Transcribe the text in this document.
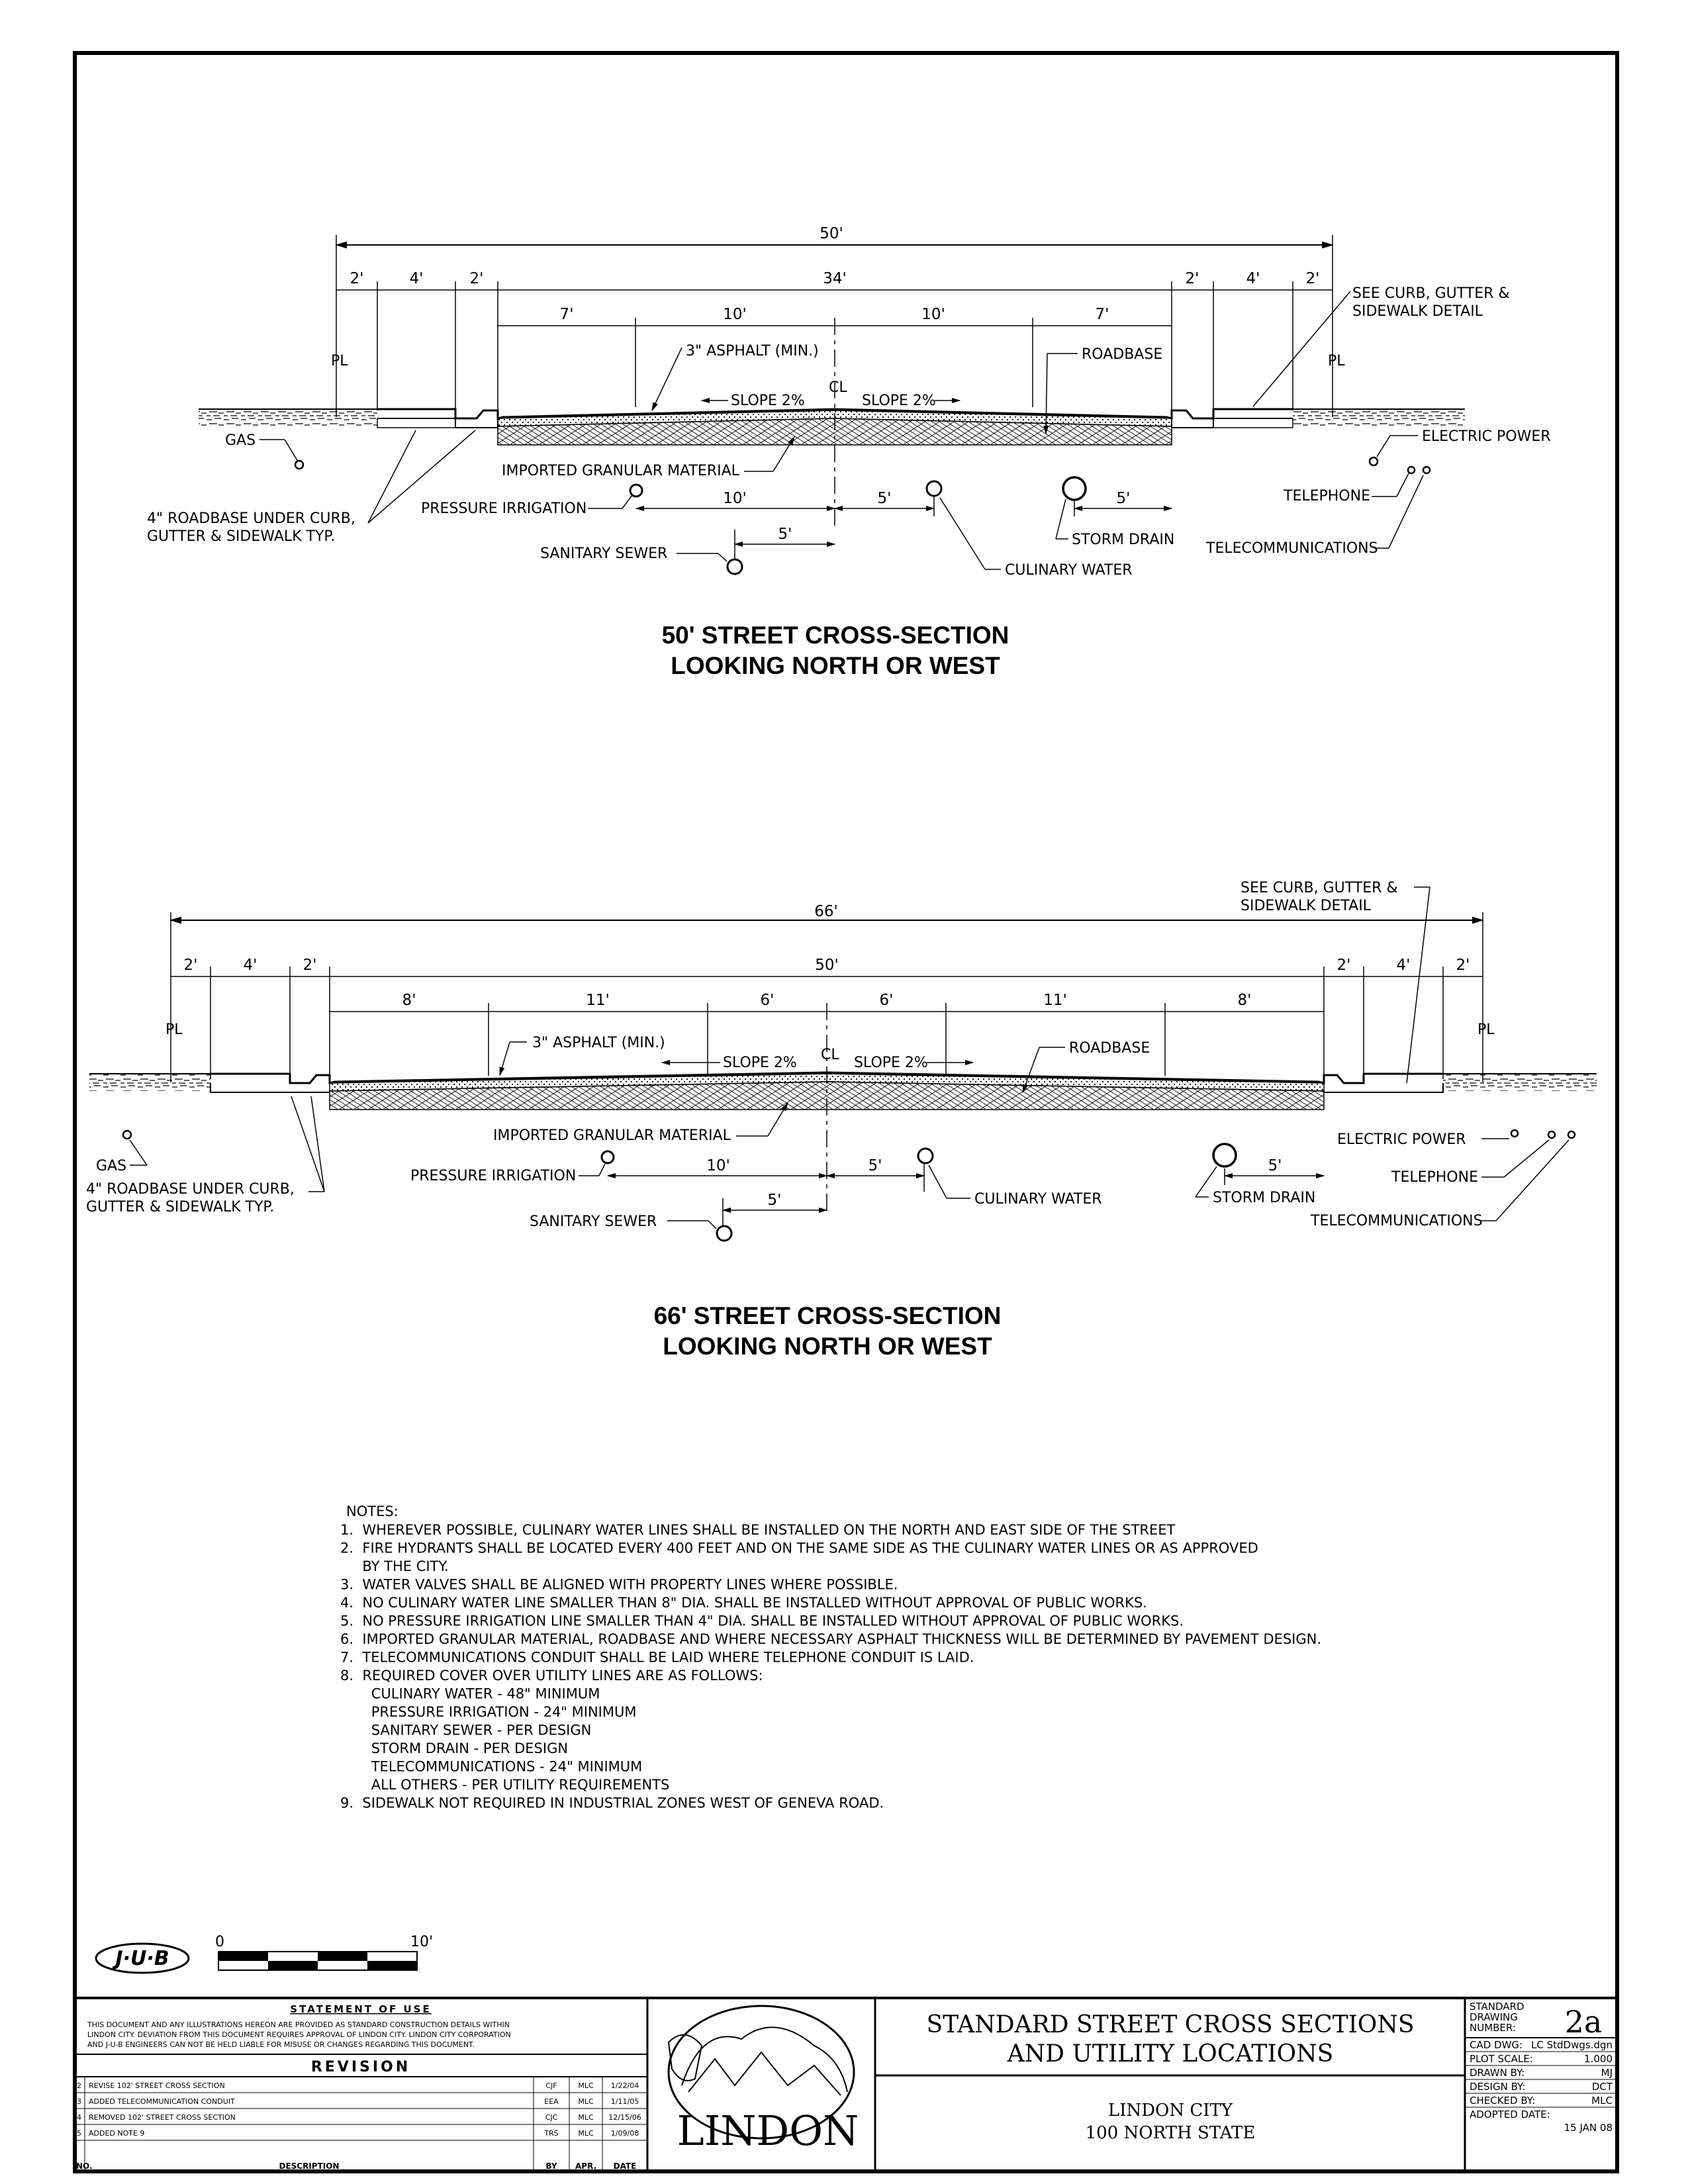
50'
2'	4'	2'	34'	2'	4'	2'
7'	10'	10'	7'
PL	PL
CL
SEE CURB, GUTTER &
SIDEWALK DETAIL
3" ASPHALT (MIN.)	ROADBASE
SLOPE 2%	SLOPE 2%
GAS	ELECTRIC POWER
IMPORTED GRANULAR MATERIAL
4" ROADBASE UNDER CURB,
GUTTER & SIDEWALK TYP.
PRESSURE IRRIGATION
10'	5'	5'	TELEPHONE
5'
SANITARY SEWER
STORM DRAIN
TELECOMMUNICATIONS
CULINARY WATER
50' STREET CROSS-SECTION
LOOKING NORTH OR WEST
66'
SEE CURB, GUTTER &
SIDEWALK DETAIL
2'	4'	2'	50'	2'	4'	2'
8'	11'	6'	6'	11'	8'
PL	PL
CL
3" ASPHALT (MIN.)	ROADBASE
SLOPE 2%	SLOPE 2%
IMPORTED GRANULAR MATERIAL
GAS
4" ROADBASE UNDER CURB,
GUTTER & SIDEWALK TYP.
PRESSURE IRRIGATION
10'	5'
CULINARY WATER
5'
STORM DRAIN
ELECTRIC POWER
TELEPHONE
TELECOMMUNICATIONS
5'
SANITARY SEWER
66' STREET CROSS-SECTION
LOOKING NORTH OR WEST
NOTES:
1.  WHEREVER POSSIBLE, CULINARY WATER LINES SHALL BE INSTALLED ON THE NORTH AND EAST SIDE OF THE STREET
2.  FIRE HYDRANTS SHALL BE LOCATED EVERY 400 FEET AND ON THE SAME SIDE AS THE CULINARY WATER LINES OR AS APPROVED
BY THE CITY.
3.  WATER VALVES SHALL BE ALIGNED WITH PROPERTY LINES WHERE POSSIBLE.
4.  NO CULINARY WATER LINE SMALLER THAN 8" DIA. SHALL BE INSTALLED WITHOUT APPROVAL OF PUBLIC WORKS.
5.  NO PRESSURE IRRIGATION LINE SMALLER THAN 4" DIA. SHALL BE INSTALLED WITHOUT APPROVAL OF PUBLIC WORKS.
6.  IMPORTED GRANULAR MATERIAL, ROADBASE AND WHERE NECESSARY ASPHALT THICKNESS WILL BE DETERMINED BY PAVEMENT DESIGN.
7.  TELECOMMUNICATIONS CONDUIT SHALL BE LAID WHERE TELEPHONE CONDUIT IS LAID.
8.  REQUIRED COVER OVER UTILITY LINES ARE AS FOLLOWS:
CULINARY WATER - 48" MINIMUM
PRESSURE IRRIGATION - 24" MINIMUM
SANITARY SEWER - PER DESIGN
STORM DRAIN - PER DESIGN
TELECOMMUNICATIONS - 24" MINIMUM
ALL OTHERS - PER UTILITY REQUIREMENTS
9.  SIDEWALK NOT REQUIRED IN INDUSTRIAL ZONES WEST OF GENEVA ROAD.
J·U·B
0	10'
STATEMENT OF USE
THIS DOCUMENT AND ANY ILLUSTRATIONS HEREON ARE PROVIDED AS STANDARD CONSTRUCTION DETAILS WITHIN
LINDON CITY. DEVIATION FROM THIS DOCUMENT REQUIRES APPROVAL OF LINDON CITY. LINDON CITY CORPORATION
AND J-U-B ENGINEERS CAN NOT BE HELD LIABLE FOR MISUSE OR CHANGES REGARDING THIS DOCUMENT.
REVISION
2 REVISE 102' STREET CROSS SECTION	CJF	MLC 1/22/04
3 ADDED TELECOMMUNICATION CONDUIT	EEA	MLC 1/11/05
4 REMOVED 102' STREET CROSS SECTION	CJC	MLC 12/15/06
5 ADDED NOTE 9	TRS	MLC 1/09/08
NO.	DESCRIPTION	BY APR. DATE
LINDON
STANDARD STREET CROSS SECTIONS
AND UTILITY LOCATIONS
LINDON CITY
100 NORTH STATE
STANDARD
DRAWING
NUMBER: 2a
CAD DWG: LC StdDwgs.dgn
PLOT SCALE:	1.000
DRAWN BY:	MJ
DESIGN BY:	DCT
CHECKED BY:	MLC
ADOPTED DATE:
15 JAN 08
